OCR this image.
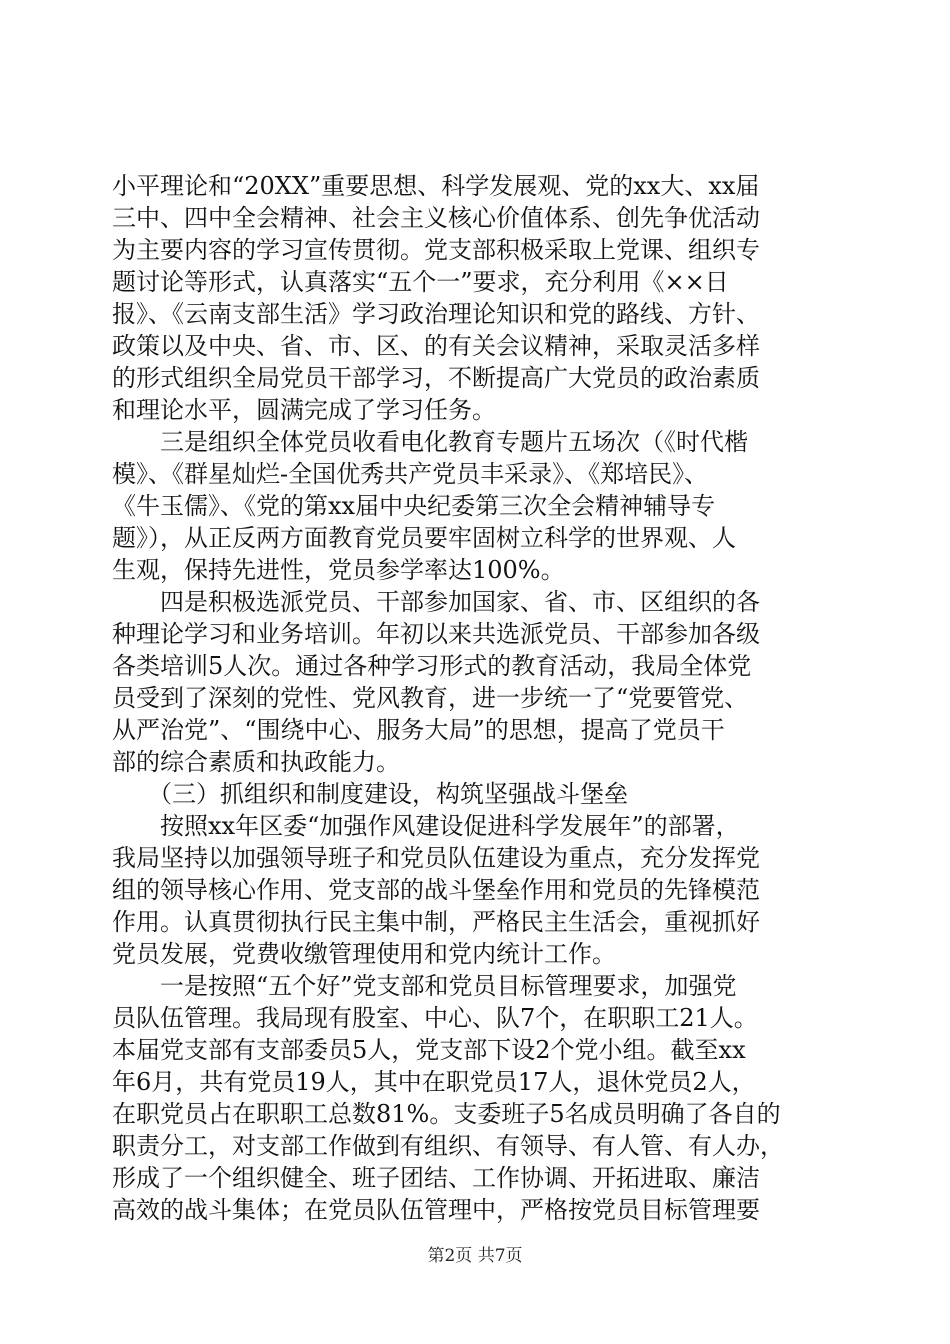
小平理论和“20XX”重要思想、科学发展观、党的xx大、xx届
三中、四中全会精神、社会主义核心价值体系、创先争优活动
为主要内容的学习宣传贯彻。党支部积极采取上党课、组织专
题讨论等形式，认真落实“五个一”要求，充分利用《××日
报》、《云南支部生活》学习政治理论知识和党的路线、方针、
政策以及中央、省、市、区、的有关会议精神，采取灵活多样
的形式组织全局党员干部学习，不断提高广大党员的政治素质
和理论水平，圆满完成了学习任务。
　　三是组织全体党员收看电化教育专题片五场次（《时代楷
模》、《群星灿烂-全国优秀共产党员丰采录》、《郑培民》、
《牛玉儒》、《党的第xx届中央纪委第三次全会精神辅导专
题》），从正反两方面教育党员要牢固树立科学的世界观、人
生观，保持先进性，党员参学率达100%。
　　四是积极选派党员、干部参加国家、省、市、区组织的各
种理论学习和业务培训。年初以来共选派党员、干部参加各级
各类培训5人次。通过各种学习形式的教育活动，我局全体党
员受到了深刻的党性、党风教育，进一步统一了“党要管党、
从严治党”、“围绕中心、服务大局”的思想，提高了党员干
部的综合素质和执政能力。
　　（三）抓组织和制度建设，构筑坚强战斗堡垒
　　按照xx年区委“加强作风建设促进科学发展年”的部署，
我局坚持以加强领导班子和党员队伍建设为重点，充分发挥党
组的领导核心作用、党支部的战斗堡垒作用和党员的先锋模范
作用。认真贯彻执行民主集中制，严格民主生活会，重视抓好
党员发展，党费收缴管理使用和党内统计工作。
　　一是按照“五个好”党支部和党员目标管理要求，加强党
员队伍管理。我局现有股室、中心、队7个，在职职工21人。
本届党支部有支部委员5人，党支部下设2个党小组。截至xx
年6月，共有党员19人，其中在职党员17人，退休党员2人，
在职党员占在职职工总数81%。支委班子5名成员明确了各自的
职责分工，对支部工作做到有组织、有领导、有人管、有人办，
形成了一个组织健全、班子团结、工作协调、开拓进取、廉洁
高效的战斗集体；在党员队伍管理中，严格按党员目标管理要
第2页 共7页
